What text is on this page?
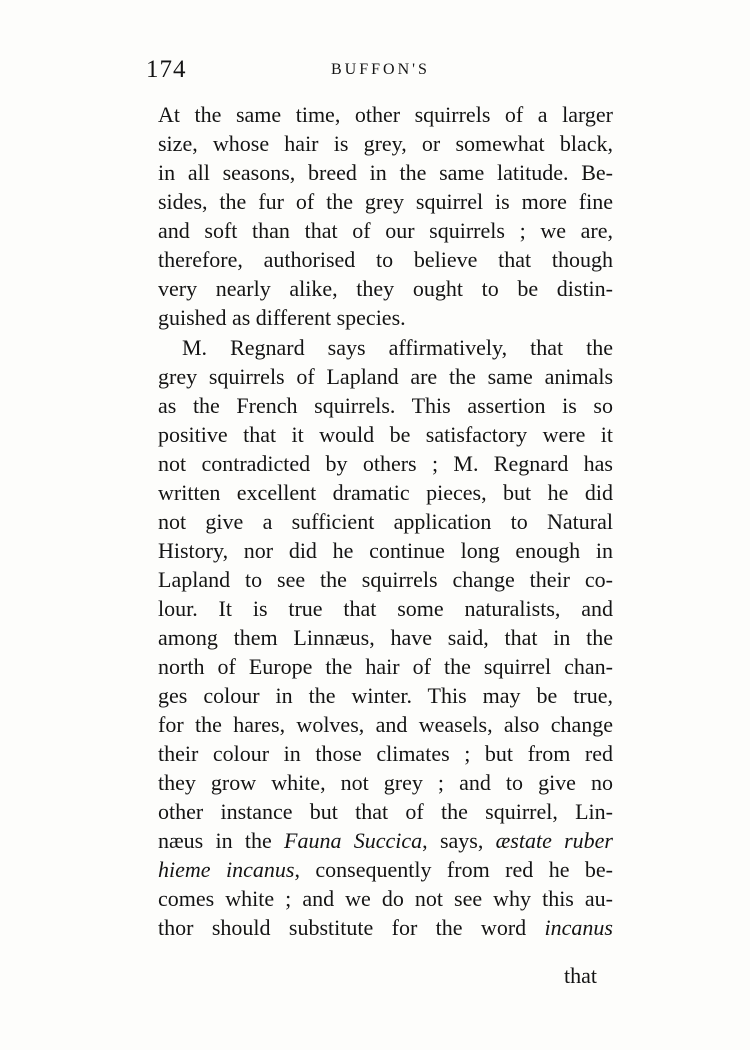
174	BUFFON'S
At the same time, other squirrels of a larger
size, whose hair is grey, or somewhat black,
in all seasons, breed in the same latitude. Be-
sides, the fur of the grey squirrel is more fine
and soft than that of our squirrels ; we are,
therefore, authorised to believe that though
very nearly alike, they ought to be distin-
guished as different species.
M. Regnard says affirmatively, that the
grey squirrels of Lapland are the same animals
as the French squirrels. This assertion is so
positive that it would be satisfactory were it
not contradicted by others ; M. Regnard has
written excellent dramatic pieces, but he did
not give a sufficient application to Natural
History, nor did he continue long enough in
Lapland to see the squirrels change their co-
lour. It is true that some naturalists, and
among them Linnæus, have said, that in the
north of Europe the hair of the squirrel chan-
ges colour in the winter. This may be true,
for the hares, wolves, and weasels, also change
their colour in those climates ; but from red
they grow white, not grey ; and to give no
other instance but that of the squirrel, Lin-
næus in the Fauna Succica, says, æstate ruber
hieme incanus, consequently from red he be-
comes white ; and we do not see why this au-
thor should substitute for the word incanus
that
